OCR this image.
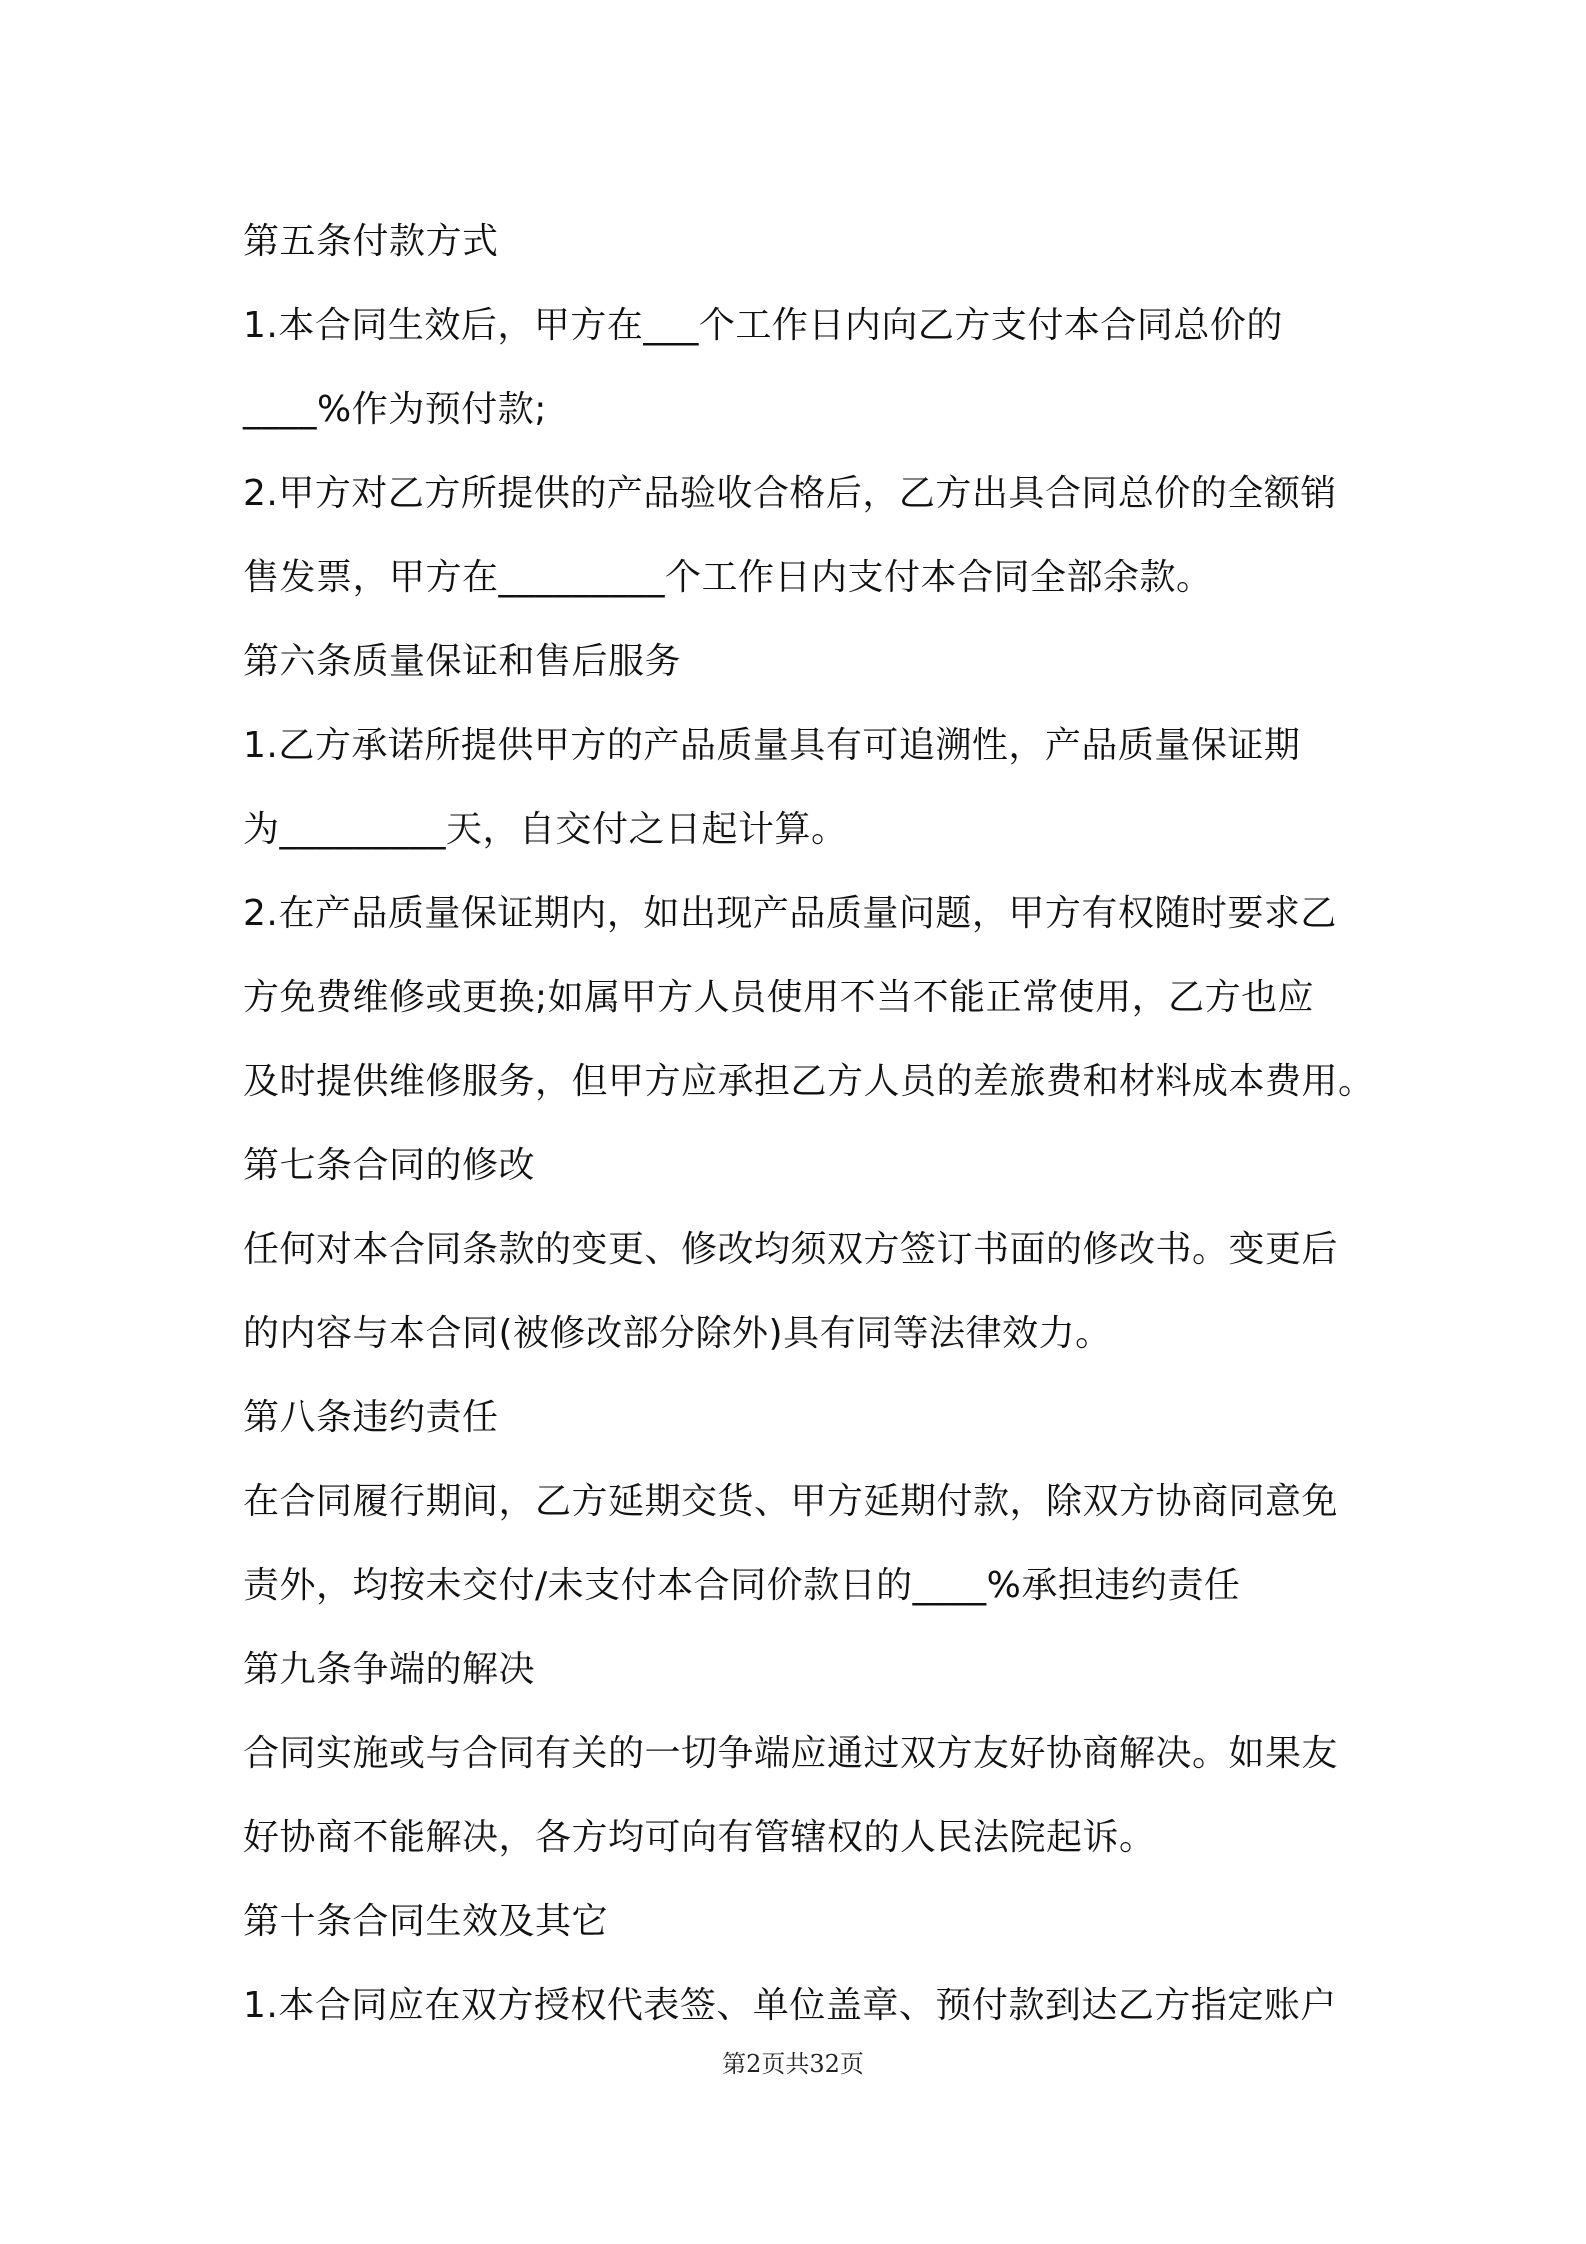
第五条付款方式
1.本合同生效后，甲方在___个工作日内向乙方支付本合同总价的
____%作为预付款;
2.甲方对乙方所提供的产品验收合格后，乙方出具合同总价的全额销
售发票，甲方在_________个工作日内支付本合同全部余款。
第六条质量保证和售后服务
1.乙方承诺所提供甲方的产品质量具有可追溯性，产品质量保证期
为_________天，自交付之日起计算。
2.在产品质量保证期内，如出现产品质量问题，甲方有权随时要求乙
方免费维修或更换;如属甲方人员使用不当不能正常使用，乙方也应
及时提供维修服务，但甲方应承担乙方人员的差旅费和材料成本费用。
第七条合同的修改
任何对本合同条款的变更、修改均须双方签订书面的修改书。变更后
的内容与本合同(被修改部分除外)具有同等法律效力。
第八条违约责任
在合同履行期间，乙方延期交货、甲方延期付款，除双方协商同意免
责外，均按未交付/未支付本合同价款日的____%承担违约责任
第九条争端的解决
合同实施或与合同有关的一切争端应通过双方友好协商解决。如果友
好协商不能解决，各方均可向有管辖权的人民法院起诉。
第十条合同生效及其它
1.本合同应在双方授权代表签、单位盖章、预付款到达乙方指定账户
第2页共32页
